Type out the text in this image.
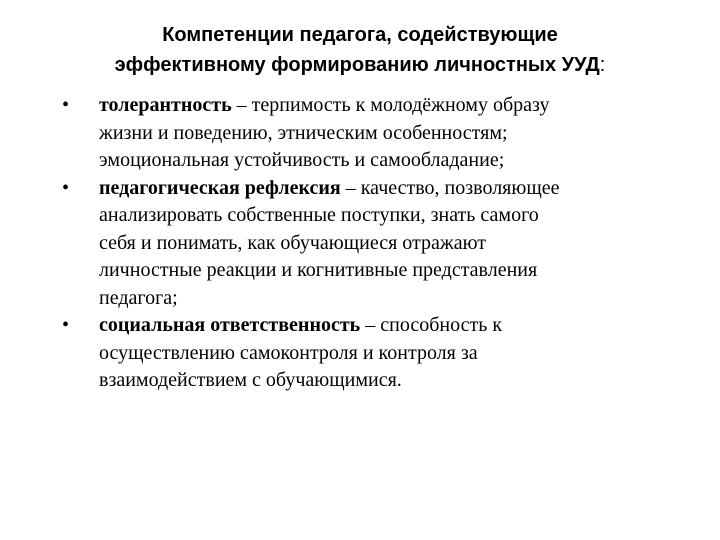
Компетенции педагога, содействующие
эффективному формированию личностных УУД:
• толерантность – терпимость к молодёжному образу
жизни и поведению, этническим особенностям;
эмоциональная устойчивость и самообладание;
• педагогическая рефлексия – качество, позволяющее
анализировать собственные поступки, знать самого
себя и понимать, как обучающиеся отражают
личностные реакции и когнитивные представления
педагога;
• социальная ответственность – способность к
осуществлению самоконтроля и контроля за
взаимодействием с обучающимися.
